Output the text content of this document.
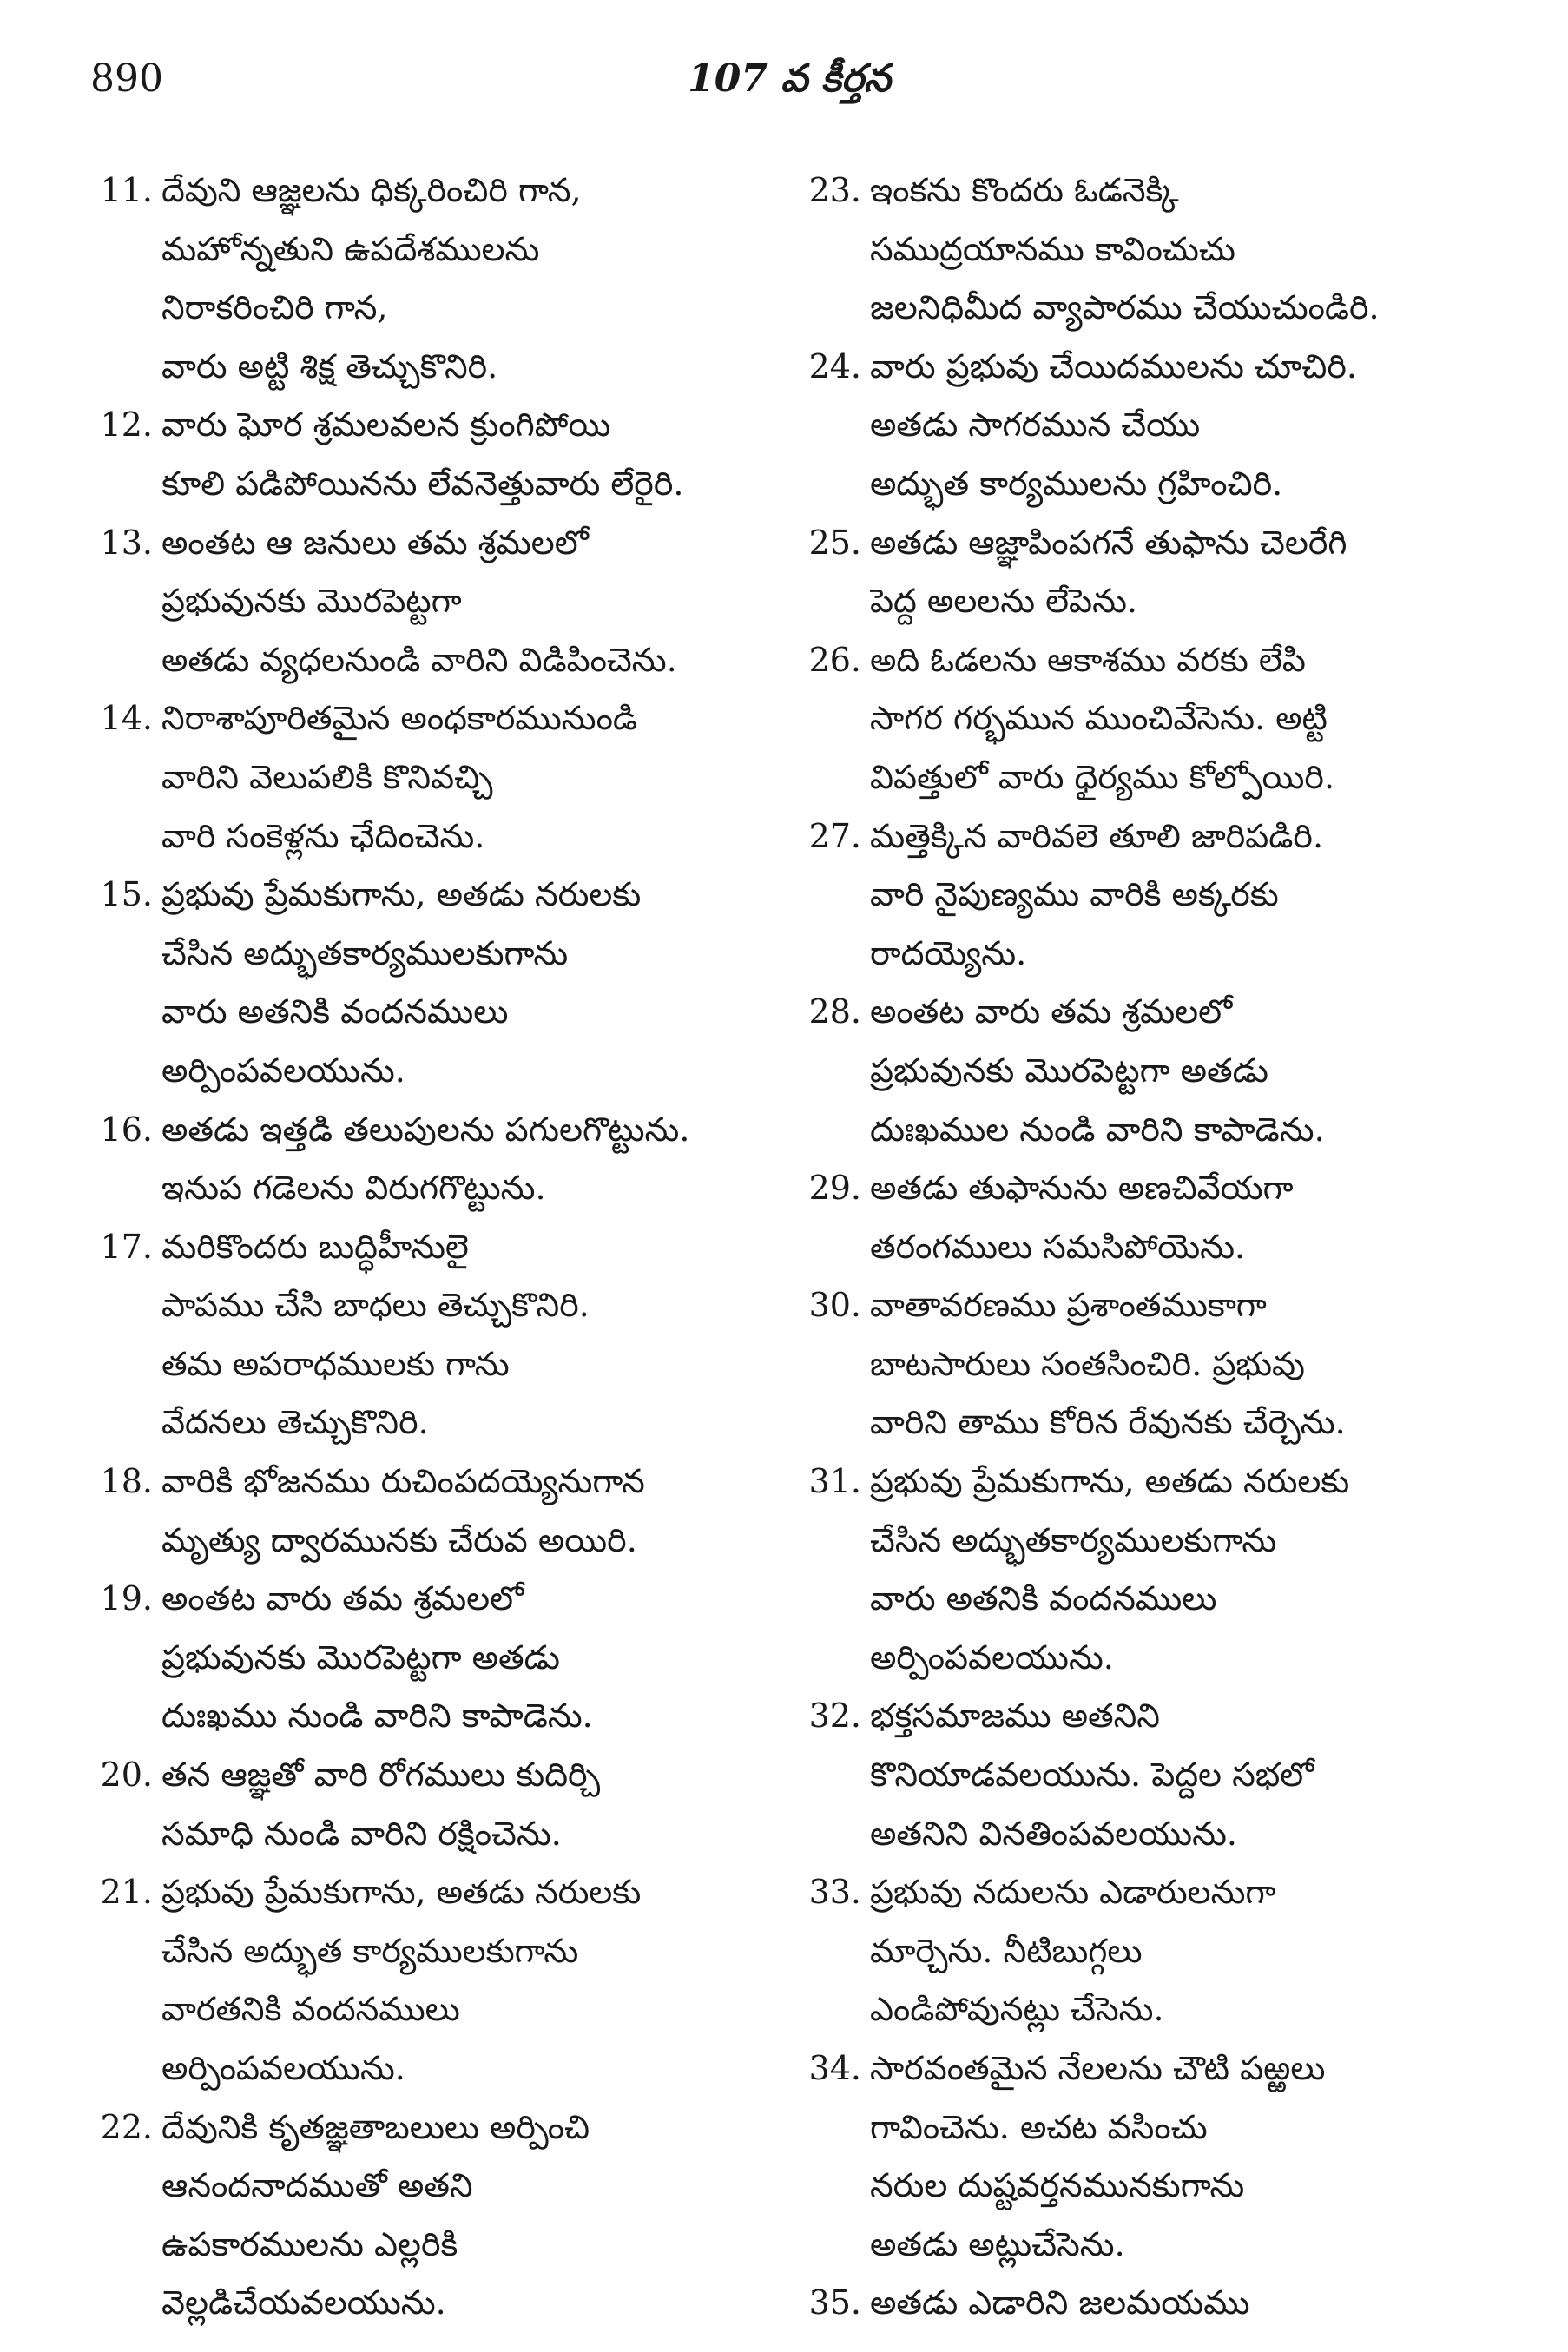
890	107 వ కీర్తన
11. దేవుని ఆజ్ఞలను ధిక్కరించిరి గాన,
మహోన్నతుని ఉపదేశములను
నిరాకరించిరి గాన,
వారు అట్టి శిక్ష తెచ్చుకొనిరి.
12. వారు ఘోర శ్రమలవలన క్రుంగిపోయి
కూలి పడిపోయినను లేవనెత్తువారు లేరైరి.
13. అంతట ఆ జనులు తమ శ్రమలలో
ప్రభువునకు మొరపెట్టగా
అతడు వ్యధలనుండి వారిని విడిపించెను.
14. నిరాశాపూరితమైన అంధకారమునుండి
వారిని వెలుపలికి కొనివచ్చి
వారి సంకెళ్లను ఛేదించెను.
15. ప్రభువు ప్రేమకుగాను, అతడు నరులకు
చేసిన అద్భుతకార్యములకుగాను
వారు అతనికి వందనములు
అర్పింపవలయును.
16. అతడు ఇత్తడి తలుపులను పగులగొట్టును.
ఇనుప గడెలను విరుగగొట్టును.
17. మరికొందరు బుద్ధిహీనులై
పాపము చేసి బాధలు తెచ్చుకొనిరి.
తమ అపరాధములకు గాను
వేదనలు తెచ్చుకొనిరి.
18. వారికి భోజనము రుచింపదయ్యెనుగాన
మృత్యు ద్వారమునకు చేరువ అయిరి.
19. అంతట వారు తమ శ్రమలలో
ప్రభువునకు మొరపెట్టగా అతడు
దుఃఖము నుండి వారిని కాపాడెను.
20. తన ఆజ్ఞతో వారి రోగములు కుదిర్చి
సమాధి నుండి వారిని రక్షించెను.
21. ప్రభువు ప్రేమకుగాను, అతడు నరులకు
చేసిన అద్భుత కార్యములకుగాను
వారతనికి వందనములు
అర్పింపవలయును.
22. దేవునికి కృతజ్ఞతాబలులు అర్పించి
ఆనందనాదముతో అతని
ఉపకారములను ఎల్లరికి
వెల్లడిచేయవలయును.
23. ఇంకను కొందరు ఓడనెక్కి
సముద్రయానము కావించుచు
జలనిధిమీద వ్యాపారము చేయుచుండిరి.
24. వారు ప్రభువు చేయిదములను చూచిరి.
అతడు సాగరమున చేయు
అద్భుత కార్యములను గ్రహించిరి.
25. అతడు ఆజ్ఞాపింపగనే తుఫాను చెలరేగి
పెద్ద అలలను లేపెను.
26. అది ఓడలను ఆకాశము వరకు లేపి
సాగర గర్భమున ముంచివేసెను. అట్టి
విపత్తులో వారు ధైర్యము కోల్పోయిరి.
27. మత్తెక్కిన వారివలె తూలి జారిపడిరి.
వారి నైపుణ్యము వారికి అక్కరకు
రాదయ్యెను.
28. అంతట వారు తమ శ్రమలలో
ప్రభువునకు మొరపెట్టగా అతడు
దుఃఖముల నుండి వారిని కాపాడెను.
29. అతడు తుఫానును అణచివేయగా
తరంగములు సమసిపోయెను.
30. వాతావరణము ప్రశాంతముకాగా
బాటసారులు సంతసించిరి. ప్రభువు
వారిని తాము కోరిన రేవునకు చేర్చెను.
31. ప్రభువు ప్రేమకుగాను, అతడు నరులకు
చేసిన అద్భుతకార్యములకుగాను
వారు అతనికి వందనములు
అర్పింపవలయును.
32. భక్తసమాజము అతనిని
కొనియాడవలయును. పెద్దల సభలో
అతనిని వినతింపవలయును.
33. ప్రభువు నదులను ఎడారులనుగా
మార్చెను. నీటిబుగ్గలు
ఎండిపోవునట్లు చేసెను.
34. సారవంతమైన నేలలను చౌటి పఱ్ఱలు
గావించెను. అచట వసించు
నరుల దుష్టవర్తనమునకుగాను
అతడు అట్లుచేసెను.
35. అతడు ఎడారిని జలమయము
